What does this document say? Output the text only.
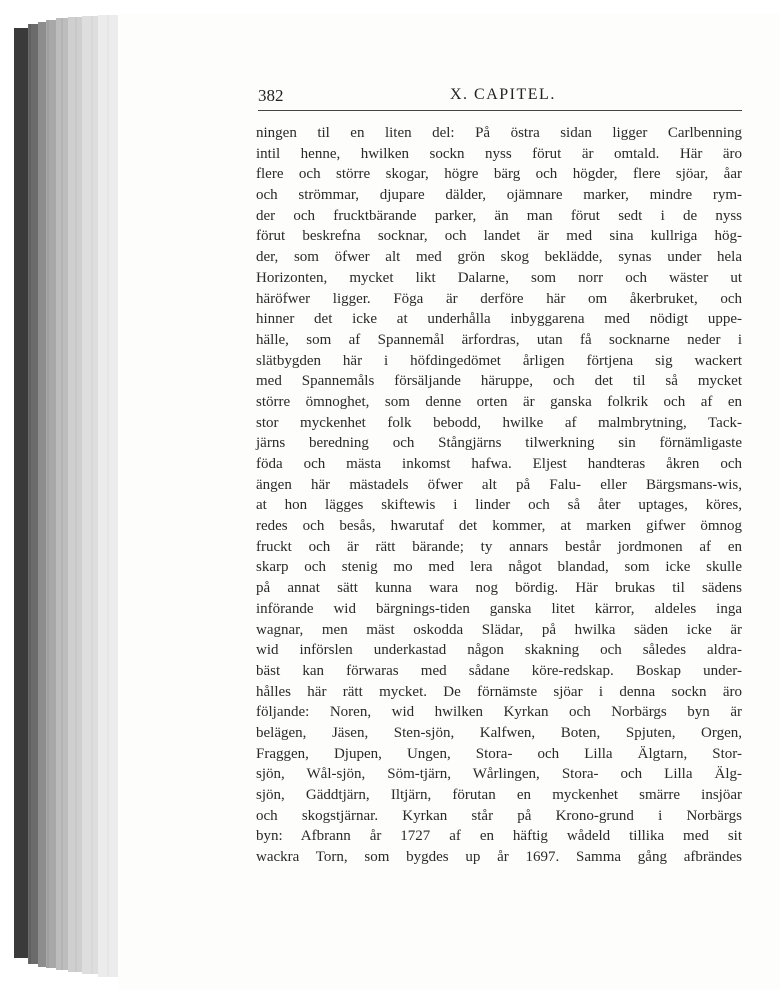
382	X. CAPITEL.
ningen til en liten del: På östra sidan ligger Carlbenning
intil henne, hwilken sockn nyss förut är omtald. Här äro
flere och större skogar, högre bärg och högder, flere sjöar, åar
och strömmar, djupare dälder, ojämnare marker, mindre rym-
der och frucktbärande parker, än man förut sedt i de nyss
förut beskrefna socknar, och landet är med sina kullriga hög-
der, som öfwer alt med grön skog beklädde, synas under hela
Horizonten, mycket likt Dalarne, som norr och wäster ut
häröfwer ligger. Föga är derföre här om åkerbruket, och
hinner det icke at underhålla inbyggarena med nödigt uppe-
hälle, som af Spannemål ärfordras, utan få socknarne neder i
slätbygden här i höfdingedömet årligen förtjena sig wackert
med Spannemåls försäljande häruppe, och det til så mycket
större ömnoghet, som denne orten är ganska folkrik och af en
stor myckenhet folk bebodd, hwilke af malmbrytning, Tack-
järns beredning och Stångjärns tilwerkning sin förnämligaste
föda och mästa inkomst hafwa. Eljest handteras åkren och
ängen här mästadels öfwer alt på Falu- eller Bärgsmans-wis,
at hon lägges skiftewis i linder och så åter uptages, köres,
redes och besås, hwarutaf det kommer, at marken gifwer ömnog
fruckt och är rätt bärande; ty annars består jordmonen af en
skarp och stenig mo med lera något blandad, som icke skulle
på annat sätt kunna wara nog bördig. Här brukas til sädens
införande wid bärgnings-tiden ganska litet kärror, aldeles inga
wagnar, men mäst oskodda Slädar, på hwilka säden icke är
wid införslen underkastad någon skakning och således aldra-
bäst kan förwaras med sådane köre-redskap. Boskap under-
hålles här rätt mycket. De förnämste sjöar i denna sockn äro
följande: Noren, wid hwilken Kyrkan och Norbärgs byn är
belägen, Jäsen, Sten-sjön, Kalfwen, Boten, Spjuten, Orgen,
Fraggen, Djupen, Ungen, Stora- och Lilla Älgtarn, Stor-
sjön, Wål-sjön, Söm-tjärn, Wårlingen, Stora- och Lilla Älg-
sjön, Gäddtjärn, Iltjärn, förutan en myckenhet smärre insjöar
och skogstjärnar. Kyrkan står på Krono-grund i Norbärgs
byn: Afbrann år 1727 af en häftig wådeld tillika med sit
wackra Torn, som bygdes up år 1697. Samma gång afbrändes
